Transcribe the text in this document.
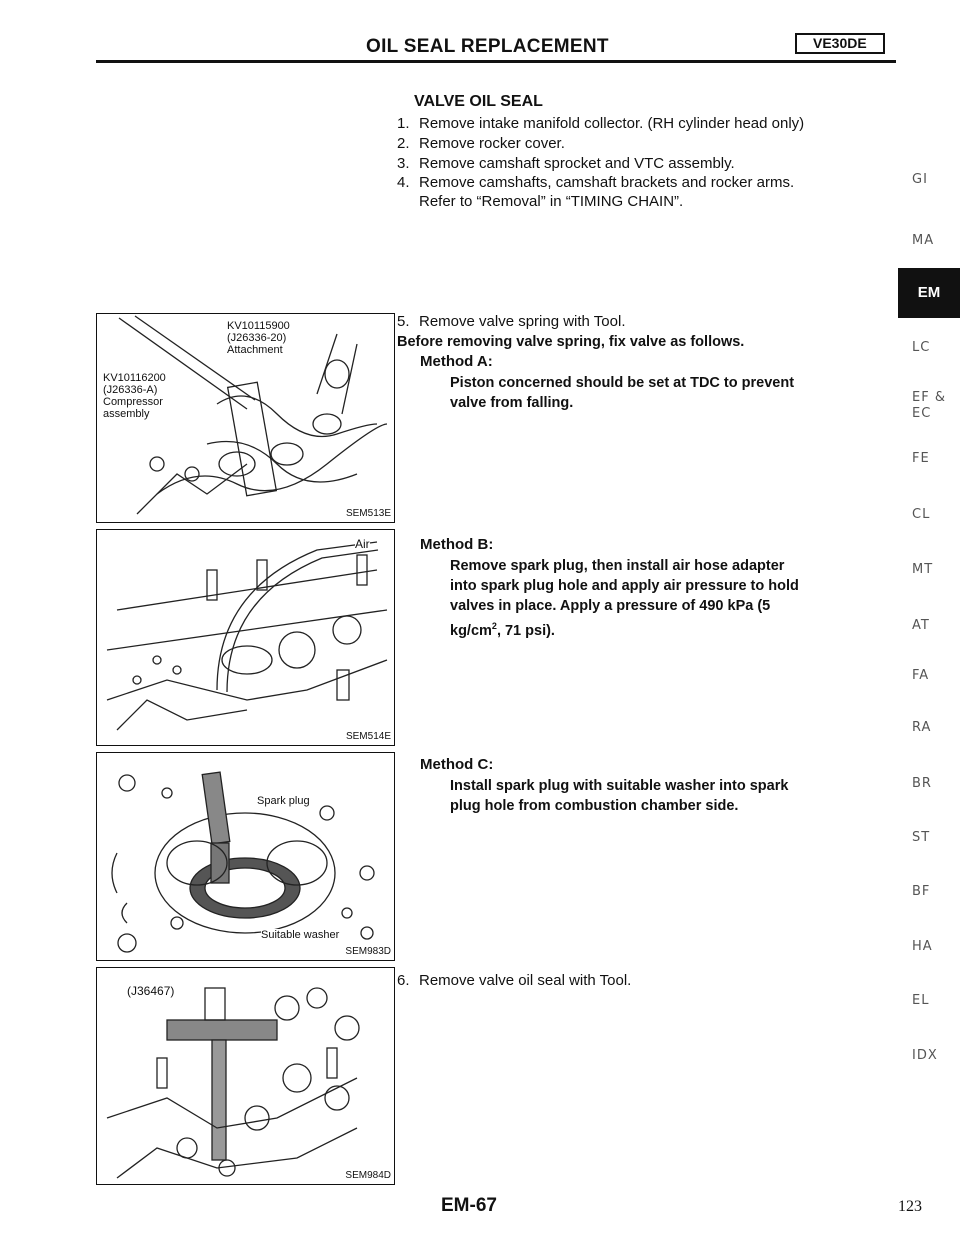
OIL SEAL REPLACEMENT	VE30DE
VALVE OIL SEAL
1. Remove intake manifold collector. (RH cylinder head only)
2. Remove rocker cover.
3. Remove camshaft sprocket and VTC assembly.
4. Remove camshafts, camshaft brackets and rocker arms.
Refer to “Removal” in “TIMING CHAIN”.
5. Remove valve spring with Tool.
Before removing valve spring, fix valve as follows.
Method A:
Piston concerned should be set at TDC to prevent
valve from falling.
Method B:
Remove spark plug, then install air hose adapter
into spark plug hole and apply air pressure to hold
valves in place. Apply a pressure of 490 kPa (5
$kg/cm^2$, 71 psi).
Method C:
Install spark plug with suitable washer into spark
plug hole from combustion chamber side.
6. Remove valve oil seal with Tool.
KV10115900
(J26336-20)
Attachment
KV10116200
(J26336-A)
Compressor
assembly
SEM513E
Air
SEM514E
Spark plug
Suitable washer
SEM983D
(J36467)
SEM984D
GI
MA
EM
LC
EF &
EC
FE
CL
MT
AT
FA
RA
BR
ST
BF
HA
EL
IDX
EM-67	123
